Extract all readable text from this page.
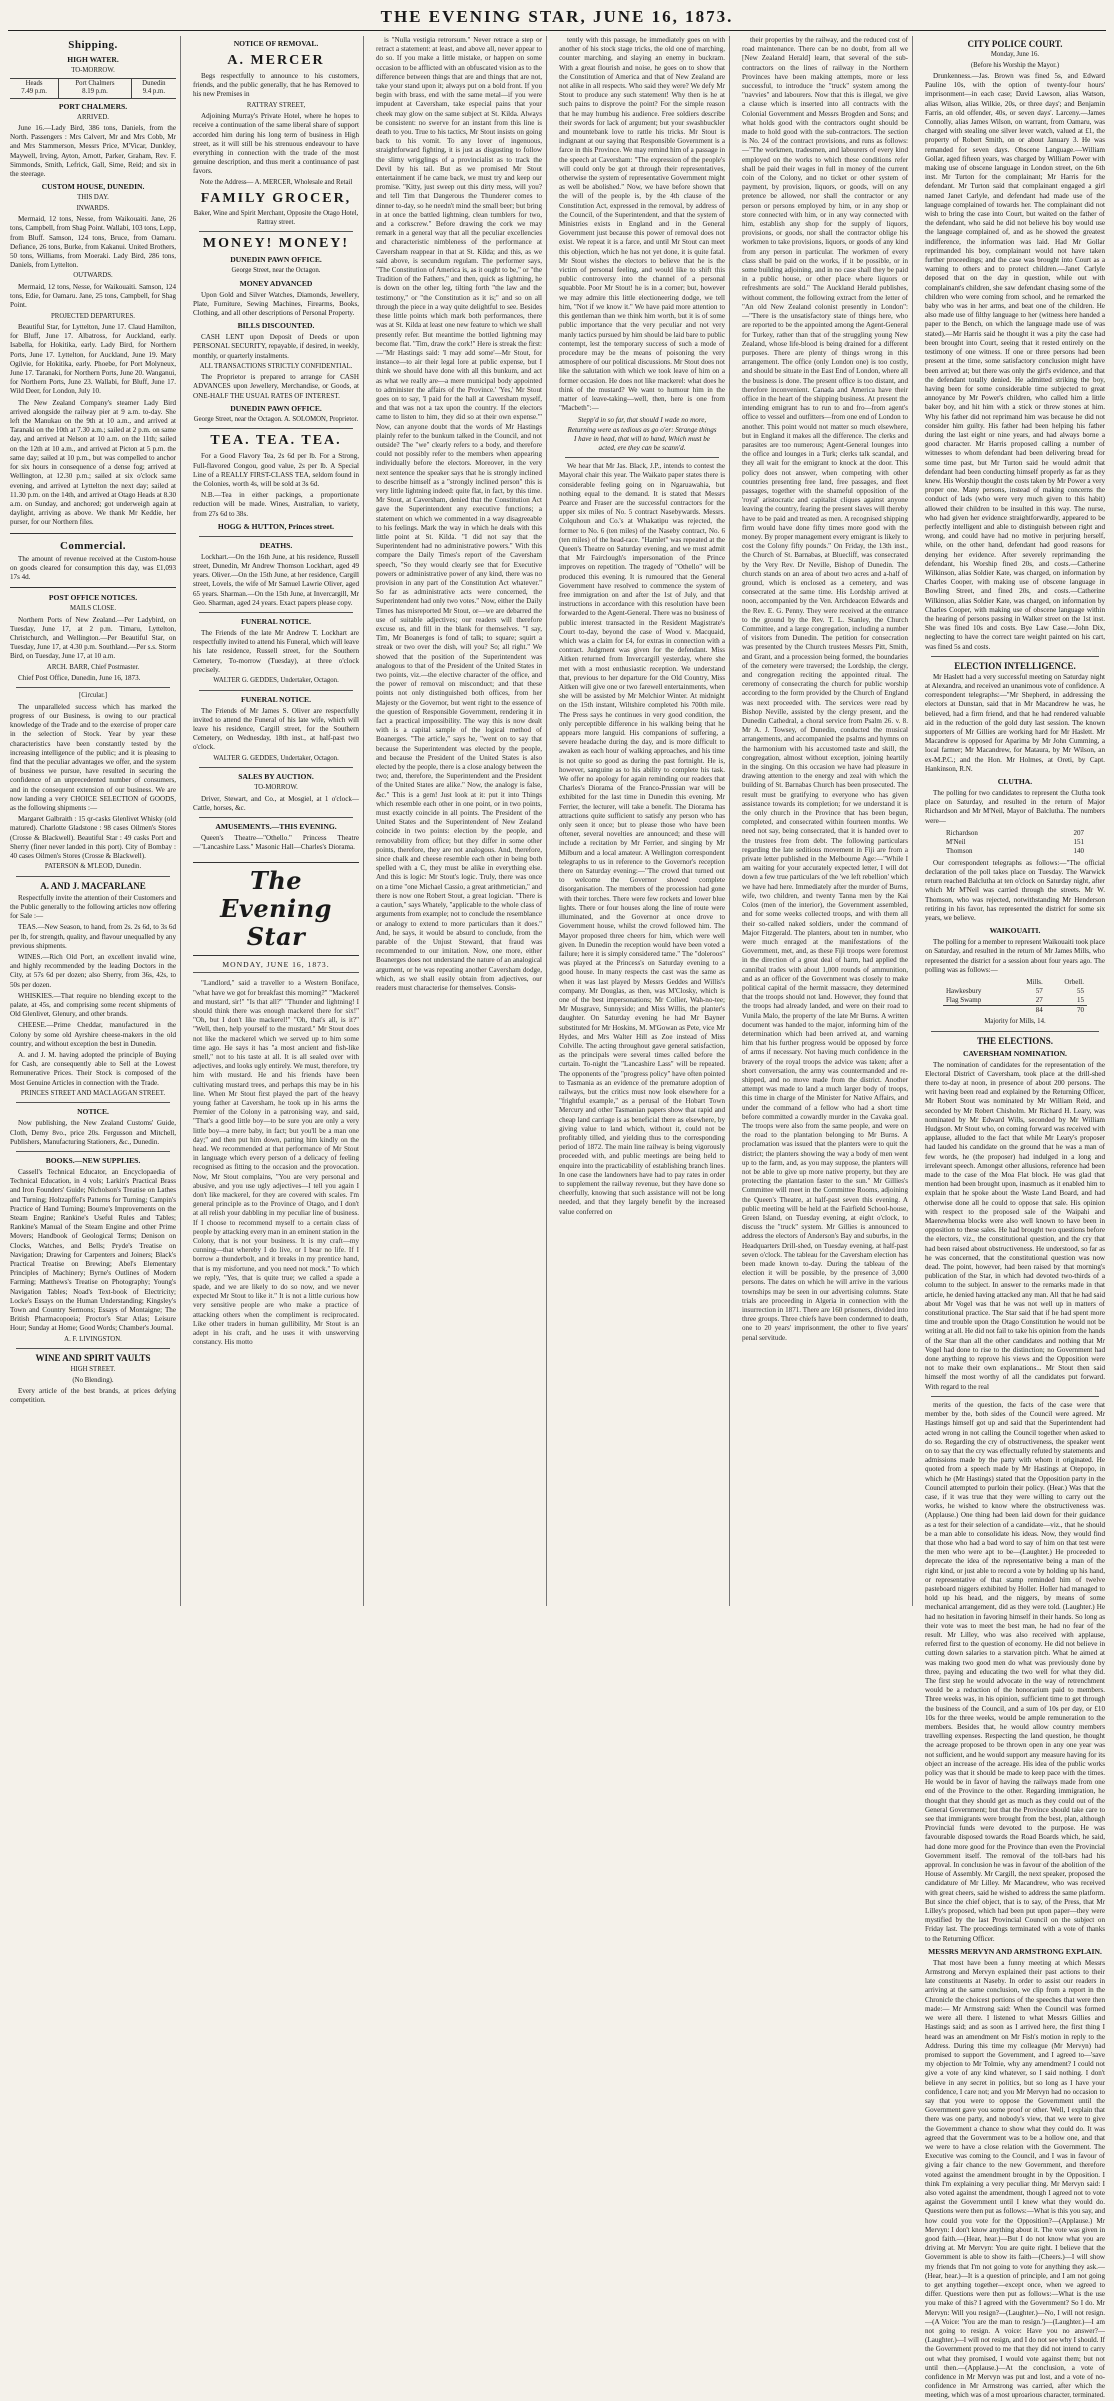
THE EVENING STAR, JUNE 16, 1873.
Shipping.
HIGH WATER.
TO-MORROW.
Heads
7.49 p.m.

Port Chalmers
8.19 p.m.

Dunedin
9.4 p.m.
PORT CHALMERS.
ARRIVED.

June 16.—Lady Bird, 386 tons, Daniels, from the North. Passengers : Mrs Calvert, Mr and Mrs Cobb, Mr and Mrs Stammerson, Messrs Price, M'Vicar, Dunkley, Maywell, Irving, Ayton, Arnott, Parker, Graham, Rev. F. Simmonds, Smith, Lefrick, Gall, Sime, Reid; and six in the steerage.

CUSTOM HOUSE, DUNEDIN.
THIS DAY.
INWARDS.

Mermaid, 12 tons, Nesse, from Waikouaiti. Jane, 26 tons, Campbell, from Shag Point. Wallabi, 103 tons, Lepp, from Bluff. Samson, 124 tons, Bruce, from Oamaru. Defiance, 26 tons, Burke, from Kakanui. United Brothers, 50 tons, Williams, from Moeraki. Lady Bird, 286 tons, Daniels, from Lyttelton.

OUTWARDS.

Mermaid, 12 tons, Nesse, for Waikouaiti. Samson, 124 tons, Edie, for Oamaru. Jane, 25 tons, Campbell, for Shag Point.

PROJECTED DEPARTURES.

Beautiful Star, for Lyttelton, June 17. Claud Hamilton, for Bluff, June 17. Albatross, for Auckland, early. Isabella, for Hokitika, early. Lady Bird, for Northern Ports, June 17. Lyttelton, for Auckland, June 19. Mary Ogilvie, for Hokitika, early. Phoebe, for Port Molyneux, June 17. Taranaki, for Northern Ports, June 20. Wanganui, for Northern Ports, June 23. Wallabi, for Bluff, June 17. Wild Deer, for London, July 10.

The New Zealand Company's steamer Lady Bird arrived alongside the railway pier at 9 a.m. to-day. She left the Manukau on the 9th at 10 a.m., and arrived at Taranaki on the 10th at 7.30 a.m.; sailed at 2 p.m. on same day, and arrived at Nelson at 10 a.m. on the 11th; sailed on the 12th at 10 a.m., and arrived at Picton at 5 p.m. the same day; sailed at 10 p.m., but was compelled to anchor for six hours in consequence of a dense fog; arrived at Wellington, at 12.30 p.m.; sailed at six o'clock same evening, and arrived at Lyttelton the next day; sailed at 11.30 p.m. on the 14th, and arrived at Otago Heads at 8.30 a.m. on Sunday, and anchored; got underweigh again at daylight, arriving as above. We thank Mr Keddie, her purser, for our Northern files.

Commercial.

The amount of revenue received at the Custom-house on goods cleared for consumption this day, was £1,093 17s 4d.

POST OFFICE NOTICES.
MAILS CLOSE.

Northern Ports of New Zealand.—Per Ladybird, on Tuesday, June 17, at 2 p.m. Timaru, Lyttelton, Christchurch, and Wellington.—Per Beautiful Star, on Tuesday, June 17, at 4.30 p.m. Southland.—Per s.s. Storm Bird, on Tuesday, June 17, at 10 a.m.

ARCH. BARR, Chief Postmaster.

Chief Post Office, Dunedin, June 16, 1873.

[Circular.]

The unparalleled success which has marked the progress of our Business, is owing to our practical knowledge of the Trade and to the exercise of proper care in the selection of Stock. Year by year these characteristics have been constantly tested by the increasing intelligence of the public; and it is pleasing to find that the peculiar advantages we offer, and the system of business we pursue, have resulted in securing the confidence of an unprecedented number of consumers, and in the consequent extension of our business. We are now landing a very CHOICE SELECTION of GOODS, as the following shipments :—

Margaret Galbraith : 15 qr-casks Glenlivet Whisky (old matured). Charlotte Gladstone : 98 cases Oilmen's Stores (Crosse & Blackwell). Beautiful Star : 49 casks Port and Sherry (finer never landed in this port). City of Bombay : 40 cases Oilmen's Stores (Crosse & Blackwell).

PATERSON & M'LEOD, Dunedin.
A. AND J. MACFARLANE

Respectfully invite the attention of their Customers and the Public generally to the following articles now offering for Sale :—

TEAS.—New Season, to hand, from 2s. 2s 6d, to 3s 6d per lb, for strength, quality, and flavour unequalled by any previous shipments.

WINES.—Rich Old Port, an excellent invalid wine, and highly recommended by the leading Doctors in the City, at 57s 6d per dozen; also Sherry, from 36s, 42s, to 50s per dozen.

WHISKIES.—That require no blending except to the palate, at 45s, and comprising some recent shipments of Old Glenlivet, Glenury, and other brands.

CHEESE.—Prime Cheddar, manufactured in the Colony by some old Ayrshire cheese-makers in the old country, and without exception the best in Dunedin.

A. and J. M. having adopted the principle of Buying for Cash, are consequently able to Sell at the Lowest Remunerative Prices. Their Stock is composed of the Most Genuine Articles in connection with the Trade.

PRINCES STREET AND MACLAGGAN STREET.
NOTICE.

Now publishing, the New Zealand Customs' Guide, Cloth, Demy 8vo., price 20s. Fergusson and Mitchell, Publishers, Manufacturing Stationers, &c., Dunedin.

BOOKS.—NEW SUPPLIES.

Cassell's Technical Educator, an Encyclopaedia of Technical Education, in 4 vols; Larkin's Practical Brass and Iron Founders' Guide; Nicholson's Treatise on Lathes and Turning; Holtzapffel's Patterns for Turning; Campin's Practice of Hand Turning; Bourne's Improvements on the Steam Engine; Rankine's Useful Rules and Tables; Rankine's Manual of the Steam Engine and other Prime Movers; Handbook of Geological Terms; Denison on Clocks, Watches, and Bells; Pryde's Treatise on Navigation; Drawing for Carpenters and Joiners; Black's Practical Treatise on Brewing; Abel's Elementary Principles of Machinery; Byrne's Outlines of Modern Farming; Matthews's Treatise on Photography; Young's Navigation Tables; Noad's Text-book of Electricity; Locke's Essays on the Human Understanding; Kingsley's Town and Country Sermons; Essays of Montaigne; The British Pharmacopoeia; Proctor's Star Atlas; Leisure Hour; Sunday at Home; Good Words; Chamber's Journal.

A. F. LIVINGSTON.
WINE AND SPIRIT VAULTS
HIGH STREET.
(No Blending).

Every article of the best brands, at prices defying competition.

NOTICE OF REMOVAL.
A. MERCER

Begs respectfully to announce to his customers, friends, and the public generally, that he has Removed to his new Premises in

RATTRAY STREET,

Adjoining Murray's Private Hotel, where he hopes to receive a continuation of the same liberal share of support accorded him during his long term of business in High street, as it will still be his strenuous endeavour to have everything in connection with the trade of the most genuine description, and thus merit a continuance of past favors.

Note the Address— A. MERCER, Wholesale and Retail
FAMILY GROCER,
Baker, Wine and Spirit Merchant, Opposite the Otago Hotel, Rattray street.
MONEY! MONEY!
DUNEDIN PAWN OFFICE.
George Street, near the Octagon.
MONEY ADVANCED

Upon Gold and Silver Watches, Diamonds, Jewellery, Plate, Furniture, Sewing Machines, Firearms, Books, Clothing, and all other descriptions of Personal Property.

BILLS DISCOUNTED.

CASH LENT upon Deposit of Deeds or upon PERSONAL SECURITY, repayable, if desired, in weekly, monthly, or quarterly instalments.

ALL TRANSACTIONS STRICTLY CONFIDENTIAL.

The Proprietor is prepared to arrange for CASH ADVANCES upon Jewellery, Merchandise, or Goods, at ONE-HALF THE USUAL RATES OF INTEREST.

DUNEDIN PAWN OFFICE.
George Street, near the Octagon. A. SOLOMON, Proprietor.
TEA. TEA. TEA.

For a Good Flavory Tea, 2s 6d per lb. For a Strong, Full-flavored Congou, good value, 2s per lb. A Special Line of a REALLY FIRST-CLASS TEA, seldom found in the Colonies, worth 4s, will be sold at 3s 6d.

N.B.—Tea in either packings, a proportionate reduction will be made. Wines, Australian, to variety, from 27s 6d to 38s.

HOGG & HUTTON, Princes street.
DEATHS.

Lockhart.—On the 16th June, at his residence, Russell street, Dunedin, Mr Andrew Thomson Lockhart, aged 49 years. Oliver.—On the 15th June, at her residence, Cargill street, Lovels, the wife of Mr Samuel Lawrie Oliver, aged 65 years. Sharman.—On the 15th June, at Invercargill, Mr Geo. Sharman, aged 24 years. Exact papers please copy.

FUNERAL NOTICE.

The Friends of the late Mr Andrew T. Lockhart are respectfully invited to attend his Funeral, which will leave his late residence, Russell street, for the Southern Cemetery, To-morrow (Tuesday), at three o'clock precisely.

WALTER G. GEDDES, Undertaker, Octagon.
FUNERAL NOTICE.

The Friends of Mr James S. Oliver are respectfully invited to attend the Funeral of his late wife, which will leave his residence, Cargill street, for the Southern Cemetery, on Wednesday, 18th inst., at half-past two o'clock.

WALTER G. GEDDES, Undertaker, Octagon.
SALES BY AUCTION.
TO-MORROW.

Driver, Stewart, and Co., at Mosgiel, at 1 o'clock—Cattle, horses, &c.

AMUSEMENTS.—THIS EVENING.

Queen's Theatre—"Othello." Princess Theatre—"Lancashire Lass." Masonic Hall—Charles's Diorama.

The Evening Star
MONDAY, JUNE 16, 1873.

"Landlord," said a traveller to a Western Boniface, "what have we got for breakfast this morning?" "Mackerel and mustard, sir!" "Is that all?" "Thunder and lightning! I should think there was enough mackerel there for six!" "Oh, but I don't like mackerel!" "Oh, that's all, is it?" "Well, then, help yourself to the mustard." Mr Stout does not like the mackerel which we served up to him some time ago. He says it has "a most ancient and fish-like smell," not to his taste at all. It is all sealed over with adjectives, and looks ugly entirely. We must, therefore, try him with mustard. He and his friends have been cultivating mustard trees, and perhaps this may be in his line. When Mr Stout first played the part of the heavy young father at Caversham, he took up in his arms the Premier of the Colony in a patronising way, and said, "That's a good little boy—to be sure you are only a very little boy—a mere baby, in fact; but you'll be a man one day;" and then put him down, patting him kindly on the head. We recommended at that performance of Mr Stout in language which every person of a delicacy of feeling recognised as fitting to the occasion and the provocation. Now, Mr Stout complains, "You are very personal and abusive, and you use ugly adjectives—I tell you again I don't like mackerel, for they are covered with scales. I'm general principle as to the Province of Otago, and I don't at all relish your dabbling in my peculiar line of business. If I choose to recommend myself to a certain class of people by attacking every man in an eminent station in the Colony, that is not your business. It is my craft—my cunning—that whereby I do live, or I bear no life. If I borrow a thunderbolt, and it breaks in my prentice hand, that is my misfortune, and you need not mock." To which we reply, "Yes, that is quite true; we called a spade a spade, and we are likely to do so now, and we never expected Mr Stout to like it." It is not a little curious how very sensitive people are who make a practice of attacking others when the compliment is reciprocated. Like other traders in human gullibility, Mr Stout is an adept in his craft, and he uses it with unswerving constancy. His motto

is "Nulla vestigia retrorsum." Never retrace a step or retract a statement: at least, and above all, never appear to do so. If you make a little mistake, or happen on some occasion to be afflicted with an obfuscated vision as to the difference between things that are and things that are not, take your stand upon it; always put on a bold front. If you begin with brass, end with the same metal—if you were impudent at Caversham, take especial pains that your cheek may glow on the same subject at St. Kilda. Always be consistent: no swerve for an instant from this line is death to you. True to his tactics, Mr Stout insists on going back to his vomit. To any lover of ingenuous, straightforward fighting, it is just as disgusting to follow the slimy wrigglings of a provincialist as to track the Devil by his tail. But as we promised Mr Stout entertainment if he came back, we must try and keep our promise. "Kitty, just sweep out this dirty mess, will you? and tell Tim that Dangerous the Thunderer comes to dinner to-day, so he needn't mind the small beer; but bring in at once the battled lightning, clean tumblers for two, and a corkscrew." Before drawing the cork we may remark in a general way that all the peculiar excellencies and characteristic nimbleness of the performance at Caversham reappear in that at St. Kilda; and this, as we said above, is secundum regulam. The performer says, "The Constitution of America is, as it ought to be," or "the Tradition of the Fathers," and then, quick as lightning, he is down on the other leg, tilting forth "the law and the testimony," or "the Constitution as it is;" and so on all through the piece in a way quite delightful to see. Besides these little points which mark both performances, there was at St. Kilda at least one new feature to which we shall presently refer. But meantime the bottled lightning may become flat. "Tim, draw the cork!" Here is streak the first:—"Mr Hastings said: 'I may add some'—Mr Stout, for instance—to air their legal lore at public expense, but I think we should have done with all this bunkum, and act as what we really are—a mere municipal body appointed to administer the affairs of the Province.' 'Yes,' Mr Stout goes on to say, 'I paid for the hall at Caversham myself, and that was not a tax upon the country. If the electors came to listen to him, they did so at their own expense.'" Now, can anyone doubt that the words of Mr Hastings plainly refer to the bunkum talked in the Council, and not outside? The "we" clearly refers to a body, and therefore could not possibly refer to the members when appearing individually before the electors. Moreover, in the very next sentence the speaker says that he is strongly inclined to describe himself as a "strongly inclined person" this is very little lightning indeed: quite flat, in fact, by this time. Mr Stout, at Caversham, denied that the Constitution Act gave the Superintendent any executive functions; a statement on which we commented in a way disagreeable to his feelings. Mark the way in which he deals with this little point at St. Kilda. "I did not say that the Superintendent had no administrative powers." With this compare the Daily Times's report of the Caversham speech, "So they would clearly see that for Executive powers or administrative power of any kind, there was no provision in any part of the Constitution Act whatever." So far as administrative acts were concerned, the Superintendent had only two votes." Now, either the Daily Times has misreported Mr Stout, or—we are debarred the use of suitable adjectives; our readers will therefore excuse us, and fill in the blank for themselves. "I say, Tim, Mr Boanerges is fond of talk; to square; squirt a streak or two over the dish, will you? So; all right." We showed that the position of the Superintendent was analogous to that of the President of the United States in two points, viz.—the elective character of the office, and the power of removal on misconduct; and that these points not only distinguished both offices, from her Majesty or the Governor, but went right to the essence of the question of Responsible Government, rendering it in fact a practical impossibility. The way this is now dealt with is a capital sample of the logical method of Boanerges. "The article," says he, "went on to say that because the Superintendent was elected by the people, and because the President of the United States is also elected by the people, there is a close analogy between the two; and, therefore, the Superintendent and the President of the United States are alike." Now, the analogy is false, &c." This is a gem! Just look at it: put it into Things which resemble each other in one point, or in two points, must exactly coincide in all points. The President of the United States and the Superintendent of New Zealand coincide in two points: election by the people, and removability from office; but they differ in some other points, therefore, they are not analogous. And, therefore, since chalk and cheese resemble each other in being both spelled with a C, they must be alike in everything else. And this is logic: Mr Stout's logic. Truly, there was once on a time "one Michael Cassio, a great arithmetician," and there is now one Robert Stout, a great logician. "There is a caution," says Whately, "applicable to the whole class of arguments from example; not to conclude the resemblance or analogy to extend to more particulars than it does." And, he says, it would be absurd to conclude, from the parable of the Unjust Steward, that fraud was recommended to our imitation. Now, one more, either Boanerges does not understand the nature of an analogical argument, or he was repeating another Caversham dodge, which, as we shall easily obtain from adjectives, our readers must characterise for themselves. Consis-

tently with this passage, he immediately goes on with another of his stock stage tricks, the old one of marching, counter marching, and slaying an enemy in buckram. With a great flourish and noise, he goes on to show that the Constitution of America and that of New Zealand are not alike in all respects. Who said they were? We defy Mr Stout to produce any such statement! Why then is he at such pains to disprove the point? For the simple reason that he may humbug his audience. Free soldiers describe their swords for lack of argument; but your swashbuckler and mountebank love to rattle his tricks. Mr Stout is indignant at our saying that Responsible Government is a farce in this Province. We may remind him of a passage in the speech at Caversham: "The expression of the people's will could only be got at through their representatives, otherwise the system of representative Government might as well be abolished." Now, we have before shown that the will of the people is, by the 4th clause of the Constitution Act, expressed in the removal, by address of the Council, of the Superintendent, and that the system of Ministries exists in England and in the General Government just because this power of removal does not exist. We repeat it is a farce, and until Mr Stout can meet this objection, which he has not yet done, it is quite fatal. Mr Stout wishes the electors to believe that he is the victim of personal feeling, and would like to shift this public controversy into the channel of a personal squabble. Poor Mr Stout! he is in a corner; but, however we may admire this little electioneering dodge, we tell him, "Not if we know it." We have paid more attention to this gentleman than we think him worth, but it is of some public importance that the very peculiar and not very manly tactics pursued by him should be laid bare to public contempt, lest the temporary success of such a mode of procedure may be the means of poisoning the very atmosphere of our political discussions. Mr Stout does not like the salutation with which we took leave of him on a former occasion. He does not like mackerel: what does he think of the mustard? We want to humour him in the matter of leave-taking—well, then, here is one from "Macbeth":—

Stepp'd in so far, that should I wade no more, Returning were as tedious as go o'er: Strange things I have in head, that will to hand, Which must be acted, ere they can be scann'd.

We hear that Mr Jas. Black, J.P., intends to contest the Mayoral chair this year. The Waikato paper states there is considerable feeling going on in Ngaruawahia, but nothing equal to the demand. It is stated that Messrs Pearce and Fraser are the successful contractors for the upper six miles of No. 5 contract Nasebywards. Messrs. Colquhoun and Co.'s at Whakatipu was rejected, the former to No. 6 (ten miles) of the Naseby contract, No. 6 (ten miles) of the head-race. "Hamlet" was repeated at the Queen's Theatre on Saturday evening, and we must admit that Mr Fairclough's impersonation of the Prince improves on repetition. The tragedy of "Othello" will be produced this evening. It is rumoured that the General Government have resolved to commence the system of free immigration on and after the 1st of July, and that instructions in accordance with this resolution have been forwarded to the Agent-General. There was no business of public interest transacted in the Resident Magistrate's Court to-day, beyond the case of Wood v. Macquaid, which was a claim for £4, for extras in connection with a contract. Judgment was given for the defendant. Miss Aitken returned from Invercargill yesterday, where she met with a most enthusiastic reception. We understand that, previous to her departure for the Old Country, Miss Aitken will give one or two farewell entertainments, when she will be assisted by Mr Melchior Winter. At midnight on the 15th instant, Wiltshire completed his 700th mile. The Press says he continues in very good condition, the only perceptible difference in his walking being that he appears more languid. His companions of suffering, a severe headache during the day, and is more difficult to awaken as each hour of walking approaches, and his time is not quite so good as during the past fortnight. He is, however, sanguine as to his ability to complete his task. We offer no apology for again reminding our readers that Charles's Diorama of the Franco-Prussian war will be exhibited for the last time in Dunedin this evening. Mr Ferrier, the lecturer, will take a benefit. The Diorama has attractions quite sufficient to satisfy any person who has only seen it once; but to please those who have been oftener, several novelties are announced; and these will include a recitation by Mr Ferrier, and singing by Mr Milburn and a local amateur. A Wellington correspondent telegraphs to us in reference to the Governor's reception there on Saturday evening:—"The crowd that turned out to welcome the Governor showed complete disorganisation. The members of the procession had gone with their torches. There were few rockets and lower blue lights. There or four houses along the line of route were illuminated, and the Governor at once drove to Government house, whilst the crowd followed him. The Mayor proposed three cheers for him, which were well given. In Dunedin the reception would have been voted a failure; here it is simply considered tame." The "doleroos" was played at the Princess's on Saturday evening to a good house. In many respects the cast was the same as when it was last played by Messrs Geddes and Willis's company. Mr Douglas, as then, was M'Closky, which is one of the best impersonations; Mr Collier, Wah-no-tee; Mr Musgrave, Sunnyside; and Miss Willis, the planter's daughter. On Saturday evening he had Mr Bayner substituted for Mr Hoskins, M. M'Gowan as Pete, vice Mr Hydes, and Mrs Walter Hill as Zoe instead of Miss Colville. The acting throughout gave general satisfaction, as the principals were several times called before the curtain. To-night the "Lancashire Lass" will be repeated. The opponents of the "progress policy" have often pointed to Tasmania as an evidence of the premature adoption of railways, but the critics must now look elsewhere for a "frightful example," as a perusal of the Hobart Town Mercury and other Tasmanian papers show that rapid and cheap land carriage is as beneficial there as elsewhere, by giving value to land which, without it, could not be profitably tilled, and yielding thus to the corresponding period of 1872. The main line railway is being vigorously proceeded with, and public meetings are being held to enquire into the practicability of establishing branch lines. In one case the landowners have had to pay rates in order to supplement the railway revenue, but they have done so cheerfully, knowing that such assistance will not be long needed, and that they largely benefit by the increased value conferred on

their properties by the railway, and the reduced cost of road maintenance. There can be no doubt, from all we [New Zealand Herald] learn, that several of the sub-contractors on the lines of railway in the Northern Provinces have been making attempts, more or less successful, to introduce the "truck" system among the "navvies" and labourers. Now that this is illegal, we give a clause which is inserted into all contracts with the Colonial Government and Messrs Brogden and Sons; and what holds good with the contractors ought should be made to hold good with the sub-contractors. The section is No. 24 of the contract provisions, and runs as follows:—"The workmen, tradesmen, and labourers of every kind employed on the works to which these conditions refer shall be paid their wages in full in money of the current coin of the Colony, and no ticket or other system of payment, by provision, liquors, or goods, will on any pretence be allowed, nor shall the contractor or any person or persons employed by him, or in any shop or store connected with him, or in any way connected with him, establish any shop for the supply of liquors, provisions, or goods, nor shall the contractor oblige his workmen to take provisions, liquors, or goods of any kind from any person in particular. The workmen of every class shall be paid on the works, if it be possible, or in some building adjoining, and in no case shall they be paid in a public house, or other place where liquors or refreshments are sold." The Auckland Herald publishes, without comment, the following extract from the letter of "An old New Zealand colonist presently in London":—"There is the unsatisfactory state of things here, who are reported to be the appointed among the Agent-General for Turkey, rather than that of the struggling young New Zealand, whose life-blood is being drained for a different purposes. There are plenty of things wrong in this arrangement. The office (only London one) is too costly, and should be situate in the East End of London, where all the business is done. The present office is too distant, and therefore inconvenient. Canada and America have their office in the heart of the shipping business. At present the intending emigrant has to run to and fro—from agent's office to vessel and outfitters—from one end of London to another. This point would not matter so much elsewhere, but in England it makes all the difference. The clerks and parasites are too numerous; Agent-General lounges into the office and lounges in a Turk; clerks talk scandal, and they all wait for the emigrant to knock at the door. This policy does not answer, when competing with other countries presenting free land, free passages, and fleet passages, together with the shameful opposition of the 'royal' aristocratic and capitalist cliques against anyone leaving the country, fearing the present slaves will thereby have to be paid and treated as men. A recognised shipping firm would have done fifty times more good with the money. By proper management every emigrant is likely to cost the Colony fifty pounds." On Friday, the 13th inst., the Church of St. Barnabas, at Bluecliff, was consecrated by the Very Rev. Dr Neville, Bishop of Dunedin. The church stands on an area of about two acres and a-half of ground, which is enclosed as a cemetery, and was consecrated at the same time. His Lordship arrived at noon, accompanied by the Ven. Archdeacon Edwards and the Rev. E. G. Penny. They were received at the entrance to the ground by the Rev. T. L. Stanley, the Church Committee, and a large congregation, including a number of visitors from Dunedin. The petition for consecration was presented by the Church trustees Messrs Pitt, Smith, and Grant, and a procession being formed, the boundaries of the cemetery were traversed; the Lordship, the clergy, and congregation reciting the appointed ritual. The ceremony of consecrating the church for public worship according to the form provided by the Church of England was next proceeded with. The services were read by Bishop Neville, assisted by the clergy present, and the Dunedin Cathedral, a choral service from Psalm 26. v. 8. Mr A. J. Towsey, of Dunedin, conducted the musical arrangements, and accompanied the psalms and hymns on the harmonium with his accustomed taste and skill, the congregation, almost without exception, joining heartily in the singing. On this occasion we have had pleasure in drawing attention to the energy and zeal with which the building of St. Barnabas Church has been prosecuted. The result must be gratifying to everyone who has given assistance towards its completion; for we understand it is the only church in the Province that has been begun, completed, and consecrated within fourteen months. We need not say, being consecrated, that it is handed over to the trustees free from debt. The following particulars regarding the late seditious movement in Fiji are from a private letter published in the Melbourne Age:—"While I am waiting for your accurately expected letter, I will dot down a few true particulars of the 'we left rebellion' which we have had here. Immediately after the murder of Burns, wife, two children, and twenty Tanna men by the Kai Colos (men of the interior), the Government assembled, and for some weeks collected troops, and with them all their so-called naked soldiers, under the command of Major Fitzgerald. The planters, about ten in number, who were much enraged at the manifestations of the Government, met, and, as these Fiji troops were foremost in the direction of a great deal of harm, had applied the cannibal trades with about 1,000 rounds of ammunition, and as an officer of the Government was closely to make political capital of the hermit massacre, they determined that the troops should not land. However, they found that the troops had already landed, and were on their road to Vunila Malo, the property of the late Mr Burns. A written document was handed to the major, informing him of the determination which had been arrived at, and warning him that his further progress would be opposed by force of arms if necessary. Not having much confidence in the bravery of the royal troops the advice was taken; after a short conversation, the army was countermanded and re-shipped, and no move made from the district. Another attempt was made to land a much larger body of troops, this time in charge of the Minister for Native Affairs, and under the command of a fellow who had a short time before committed a cowardly murder in the Cavaka goal. The troops were also from the same people, and were on the road to the plantation belonging to Mr Burns. A proclamation was issued that the planters were to quit the district; the planters showing the way a body of men went up to the farm, and, as you may suppose, the planters will not be able to give up more native property, but they are protecting the plantation faster to the sun." Mr Gillies's Committee will meet in the Committee Rooms, adjoining the Queen's Theatre, at half-past seven this evening. A public meeting will be held at the Fairfield School-house, Green Island, on Tuesday evening, at eight o'clock, to discuss the "truck" system. Mr Gillies is announced to address the electors of Anderson's Bay and suburbs, in the Headquarters Drill-shed, on Tuesday evening, at half-past seven o'clock. The tableau for the Caversham election has been made known to-day. During the tableau of the election it will be possible, by the presence of 3,000 persons. The dates on which he will arrive in the various townships may be seen in our advertising columns. State trials are proceeding in Algeria in connection with the insurrection in 1871. There are 160 prisoners, divided into three groups. Three chiefs have been condemned to death, one to 20 years' imprisonment, the other to five years' penal servitude.

CITY POLICE COURT.
Monday, June 16.
(Before his Worship the Mayor.)

Drunkenness.—Jas. Brown was fined 5s, and Edward Pauline 10s, with the option of twenty-four hours' imprisonment—in each case; David Lawson, alias Watson, alias Wilson, alias Wilkie, 20s, or three days'; and Benjamin Farris, an old offender, 40s, or seven days'. Larceny.—James Connolly, alias James Wilson, on warrant, from Oamaru, was charged with stealing one silver lever watch, valued at £1, the property of Robert Smith, on or about January 3. He was remanded for seven days. Obscene Language.—William Gollar, aged fifteen years, was charged by William Power with making use of obscene language in London street, on the 6th inst. Mr Turton for the complainant; Mr Harris for the defendant. Mr Turton said that complainant engaged a girl named Janet Carlyle, and defendant had made use of the language complained of towards her. The complainant did not wish to bring the case into Court, but waited on the father of the defendant, who said he did not believe his boy would use the language complained of, and as he showed the greatest indifference, the information was laid. Had Mr Gollar reprimanded his boy, complainant would not have taken further proceedings; and the case was brought into Court as a warning to others and to protect children.—Janet Carlyle deposed that on the day in question, while out with complainant's children, she saw defendant chasing some of the children who were coming from school, and he remarked the baby who was in her arms, and beat one of the children. He also made use of filthy language to her (witness here handed a paper to the Bench, on which the language made use of was stated).—Mr Harris said he thought it was a pity the case had been brought into Court, seeing that it rested entirely on the testimony of one witness. If one or three persons had been present at the time, some satisfactory conclusion might have been arrived at; but there was only the girl's evidence, and that the defendant totally denied. He admitted striking the boy, having been for some considerable time subjected to great annoyance by Mr Power's children, who called him a little baker boy, and hit him with a stick or threw stones at him. Why his father did not reprimand him was because he did not consider him guilty. His father had been helping his father during the last eight or nine years, and had always borne a good character. Mr Harris proposed calling a number of witnesses to whom defendant had been delivering bread for some time past, but Mr Turton said he would admit that defendant had been conducting himself properly as far as they knew. His Worship thought the costs taken by Mr Power a very proper one. Many persons, instead of making concerns the conduct of lads (who were very much given to this habit) allowed their children to be insulted in this way. The nurse, who had given her evidence straightforwardly, appeared to be perfectly intelligent and able to distinguish between right and wrong, and could have had no motive in perjuring herself, while, on the other hand, defendant had good reasons for denying her evidence. After severely reprimanding the defendant, his Worship fined 20s, and costs.—Catherine Wilkinson, alias Soldier Kate, was charged, on information by Charles Cooper, with making use of obscene language in Bowling Street, and fined 20s, and costs.—Catherine Wilkinson, alias Soldier Kate, was charged, on information by Charles Cooper, with making use of obscene language within the hearing of persons passing in Walker street on the 1st inst. She was fined 10s and costs. Bye Law Case.—John Dix, neglecting to have the correct tare weight painted on his cart, was fined 5s and costs.

ELECTION INTELLIGENCE.

Mr Haslett had a very successful meeting on Saturday night at Alexandra, and received an unanimous vote of confidence. A correspondent telegraphs:—"Mr Shepherd, in addressing the electors at Dunstan, said that in Mr Macandrew he was, he believed, had a firm friend, and that he had rendered valuable aid in the reduction of the gold duty last session. The known supporters of Mr Gillies are working hard for Mr Haslett. Mr Macandrew is opposed for Aparima by Mr John Cumming, a local farmer; Mr Macandrew, for Mataura, by Mr Wilson, an ex-M.P.C.; and the Hon. Mr Holmes, at Oreti, by Capt. Hankinson, R.N.

CLUTHA.

The polling for two candidates to represent the Clutha took place on Saturday, and resulted in the return of Major Richardson and Mr M'Neil, Mayor of Balclutha. The numbers were—

Richardson	207
M'Neil	151
Thomson	140

Our correspondent telegraphs as follows:—"The official declaration of the poll takes place on Tuesday. The Warwick return reached Balclutha at ten o'clock on Saturday night, after which Mr M'Neil was carried through the streets. Mr W. Thomson, who was rejected, notwithstanding Mr Henderson retiring in his favor, has represented the district for some six years, we believe.

WAIKOUAITI.

The polling for a member to represent Waikouaiti took place on Saturday, and resulted in the return of Mr James Mills, who represented the district for a session about four years ago. The polling was as follows:—

	Mills.	Orbell.
Hawkesbury	57	55
Flag Swamp	27	15
	84	70
Majority for Mills, 14.
THE ELECTIONS.
CAVERSHAM NOMINATION.

The nomination of candidates for the representation of the Electoral District of Caversham, took place at the drill-shed there to-day at noon, in presence of about 200 persons. The writ having been read and explained by the Returning Officer, Mr Robert Stout was nominated by Mr William Reid, and seconded by Mr Robert Chisholm. Mr Richard H. Leary, was nominated by Mr Edward Wills, seconded by Mr William Hudgson. Mr Stout who, on coming forward was received with applause, alluded to the fact that while Mr Leary's proposer had lauded his candidate on the ground that he was a man of few words, he (the proposer) had indulged in a long and irrelevant speech. Amongst other allusions, reference had been made to the case of the Moa Flat block. He was glad that mention had been brought upon, inasmuch as it enabled him to explain that he spoke about the Waste Land Board, and had otherwise done all he could to oppose that sale. His opinion with respect to the proposed sale of the Waipahi and Maerewhenua blocks were also well known to have been in opposition to these sales. He had brought two questions before the electors, viz., the constitutional question, and the cry that had been raised about obstructiveness. He understood, so far as he was concerned, that the constitutional question was now dead. The point, however, had been raised by that morning's publication of the Star, in which had devoted two-thirds of a column to the subject. In answer to the remarks made in that article, he denied having attacked any man. All that he had said about Mr Vogel was that he was not well up in matters of constitutional practice. The Star said that if he had spent more time and trouble upon the Otago Constitution he would not be writing at all. He did not fail to take his opinion from the hands of the Star than all the other candidates and nothing that Mr Vogel had done to rise to the distinction; no Government had done anything to reprove his views and the Opposition were not to make their own explanations... Mr Stout then said himself the most worthy of all the candidates put forward. With regard to the real

merits of the question, the facts of the case were that member by the, both sides of the Council were agreed. Mr Hastings himself got up and said that the Superintendent had acted wrong in not calling the Council together when asked to do so. Regarding the cry of obstructiveness, the speaker went on to say that the cry was effectually refuted by statements and admissions made by the party with whom it originated. He quoted from a speech made by Mr Hastings at Otepopo, in which he (Mr Hastings) stated that the Opposition party in the Council attempted to purloin their policy. (Hear.) Was that the case, if it was true that they were willing to carry out the works, he wished to know where the obstructiveness was. (Applause.) One thing had been laid down for their guidance as a test for their selection of a candidate—viz., that he should be a man able to consolidate his ideas. Now, they would find that those who had a bad word to say of him on that test were the men who were apt to be—(Laughter.) He proceeded to deprecate the idea of the representative being a man of the right kind, or just able to record a vote by holding up his hand, or representative of that stamp reminded him of twelve pasteboard niggers exhibited by Holler. Holler had managed to hold up his head, and the niggers, by means of some mechanical arrangement, did as they were told. (Laughter.) He had no hesitation in favoring himself in their hands. So long as their vote was to meet the best man, he had no fear of the result. Mr Lilley, who was also received with applause, referred first to the question of economy. He did not believe in cutting down salaries to a starvation pitch. What he aimed at was making two good men do what was previously done by three, paying and educating the two well for what they did. The first step he would advocate in the way of retrenchment would be a reduction of the honorarium paid to members. Three weeks was, in his opinion, sufficient time to get through the business of the Council, and a sum of 10s per day, or £10 10s for the three weeks, would be ample remuneration to the members. Besides that, he would allow country members travelling expenses. Respecting the land question, he thought the acreage proposed to be thrown open in any one year was not sufficient, and he would support any measure having for its object an increase of the acreage. His idea of the public works policy was that it should be made to keep pace with the times. He would be in favor of having the railways made from one end of the Province to the other. Regarding immigration, he thought that they should get as much as they could out of the General Government; but that the Province should take care to see that immigrants were brought from the best, plan, although Provincial funds were devoted to the purpose. He was favourable disposed towards the Road Boards which, he said, had done more good for the Province than even the Provincial Government itself. The removal of the toll-bars had his approval. In conclusion he was in favour of the abolition of the House of Assembly. Mr Cargill, the next speaker, proposed the candidature of Mr Lilley. Mr Macandrew, who was received with great cheers, said he wished to address the same platform. But since the chief object, that is to say, of the Press, that Mr Lilley's proposed, which had been put upon paper—they were mystified by the last Provincial Council on the subject on Friday last. The proceedings terminated with a vote of thanks to the Returning Officer.

MESSRS MERVYN AND ARMSTRONG EXPLAIN.

That most have been a funny meeting at which Messrs Armstrong and Mervyn explained their past actions to their late constituents at Naseby. In order to assist our readers in arriving at the same conclusion, we clip from a report in the Chronicle the choicest portions of the speeches that were then made:— Mr Armstrong said: When the Council was formed we were all there. I listened to what Messrs Gillies and Hastings said; and as soon as I arrived here, the first thing I heard was an amendment on Mr Fish's motion in reply to the Address. During this time my colleague (Mr Mervyn) had promised to support the Government, and I agreed to—'save my objection to Mr Tolmie, why any amendment? I could not give a vote of any kind whatever, so I said nothing. I don't believe in any secret in politics, but so long as I have your confidence, I care not; and you Mr Mervyn had no occasion to say that you were to oppose the Government until the Government gave you some proof or other. Well, I explain that there was one party, and nobody's view, that we were to give the Government a chance to show what they could do. It was agreed that the Government was to be a hollow one, and that we were to have a close relation with the Government. The Executive was coming to the Council, and I was in favour of giving a fair chance to the new Government, and therefore voted against the amendment brought in by the Opposition. I think I'm explaining a very peculiar thing. Mr Mervyn said: I also voted against the amendment, though I agreed not to vote against the Government until I knew what they would do. Questions were then put as follows:—What is this you say, and how could you vote for the Opposition?—(Applause.) Mr Mervyn: I don't know anything about it. The vote was given in good faith.—(Hear, hear.)—But I do not know what you are driving at. Mr Mervyn: You are quite right. I believe that the Government is able to show its faith—(Cheers.)—I will show my friends that I'm not going to vote for anything they ask.—(Hear, hear.)—It is a question of principle, and I am not going to get anything together—except once, when we agreed to differ. Questions were then put as follows:—What is the use you make of this? I agreed with the Government? So I do. Mr Mervyn: Will you resign?—(Laughter.)—No, I will not resign.—(A Voice: 'You are the man to resign.')—(Laughter.)—I am not going to resign. A voice: Have you no answer?—(Laughter.)—I will not resign, and I do not see why I should. If the Government proved to me that they did not intend to carry out what they promised, I would vote against them; but not until then.—(Applause.)—At the conclusion, a vote of confidence in Mr Mervyn was put and lost, and a vote of no-confidence in Mr Armstrong was carried, after which the meeting, which was of a most uproarious character, terminated.
